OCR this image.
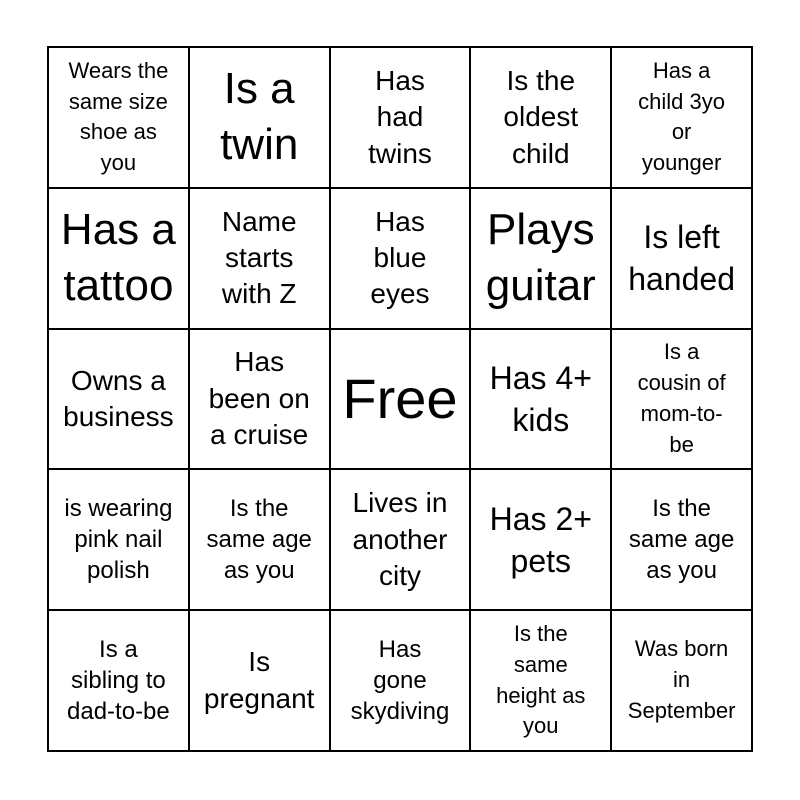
Wears the
same size
shoe as
you
Is a
twin
Has
had
twins
Is the
oldest
child
Has a
child 3yo
or
younger
Has a
tattoo
Name
starts
with Z
Has
blue
eyes
Plays
guitar
Is left
handed
Owns a
business
Has
been on
a cruise
Free Has 4+
kids
Is a
cousin of
mom-to-
be
is wearing
pink nail
polish
Is the
same age
as you
Lives in
another
city
Has 2+
pets
Is the
same age
as you
Is a
sibling to
dad-to-be
Is
pregnant
Has
gone
skydiving
Is the
same
height as
you
Was born
in
September
